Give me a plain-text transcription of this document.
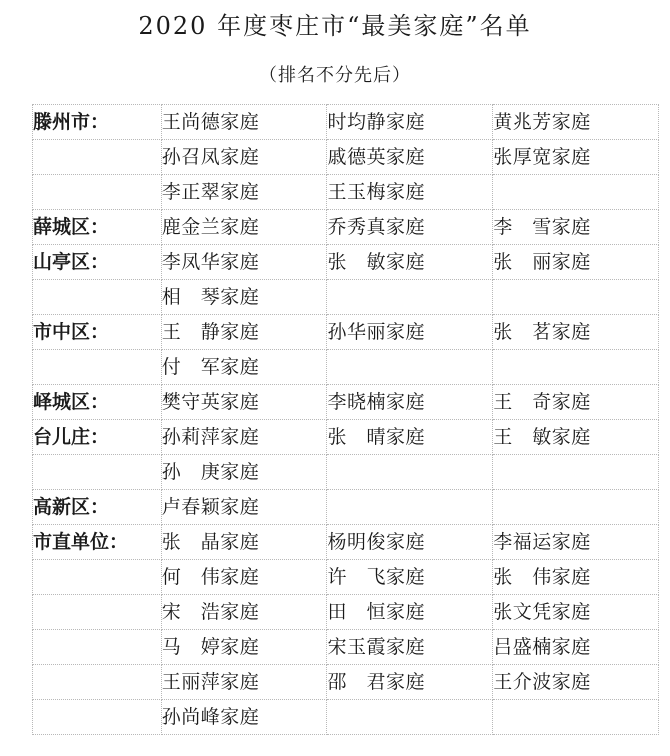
2020 年度枣庄市“最美家庭”名单
（排名不分先后）
滕州市：	王尚德家庭	时均静家庭	黄兆芳家庭
	孙召凤家庭	戚德英家庭	张厚宽家庭
	李正翠家庭	王玉梅家庭	
薛城区：	鹿金兰家庭	乔秀真家庭	李　雪家庭
山亭区：	李凤华家庭	张　敏家庭	张　丽家庭
	相　琴家庭		
市中区：	王　静家庭	孙华丽家庭	张　茗家庭
	付　军家庭		
峄城区：	樊守英家庭	李晓楠家庭	王　奇家庭
台儿庄：	孙莉萍家庭	张　晴家庭	王　敏家庭
	孙　庚家庭		
高新区：	卢春颖家庭		
市直单位：	张　晶家庭	杨明俊家庭	李福运家庭
	何　伟家庭	许　飞家庭	张　伟家庭
	宋　浩家庭	田　恒家庭	张文凭家庭
	马　婷家庭	宋玉霞家庭	吕盛楠家庭
	王丽萍家庭	邵　君家庭	王介波家庭
	孙尚峰家庭		
